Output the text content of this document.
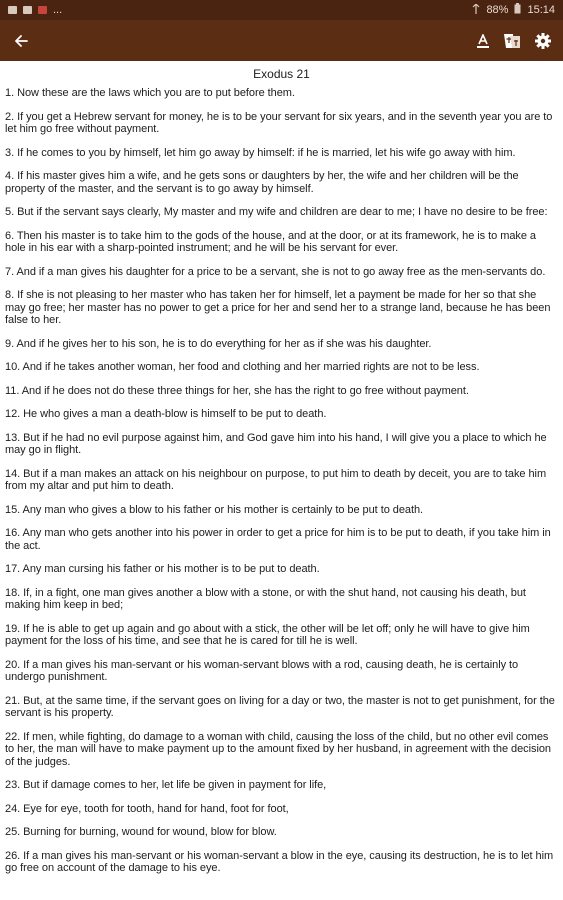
...	88% 15:14
Exodus 21

1. Now these are the laws which you are to put before them.

2. If you get a Hebrew servant for money, he is to be your servant for six years, and in the seventh year you are to let him go free without payment.

3. If he comes to you by himself, let him go away by himself: if he is married, let his wife go away with him.

4. If his master gives him a wife, and he gets sons or daughters by her, the wife and her children will be the property of the master, and the servant is to go away by himself.

5. But if the servant says clearly, My master and my wife and children are dear to me; I have no desire to be free:

6. Then his master is to take him to the gods of the house, and at the door, or at its framework, he is to make a hole in his ear with a sharp-pointed instrument; and he will be his servant for ever.

7. And if a man gives his daughter for a price to be a servant, she is not to go away free as the men-servants do.

8. If she is not pleasing to her master who has taken her for himself, let a payment be made for her so that she may go free; her master has no power to get a price for her and send her to a strange land, because he has been false to her.

9. And if he gives her to his son, he is to do everything for her as if she was his daughter.

10. And if he takes another woman, her food and clothing and her married rights are not to be less.

11. And if he does not do these three things for her, she has the right to go free without payment.

12. He who gives a man a death-blow is himself to be put to death.

13. But if he had no evil purpose against him, and God gave him into his hand, I will give you a place to which he may go in flight.

14. But if a man makes an attack on his neighbour on purpose, to put him to death by deceit, you are to take him from my altar and put him to death.

15. Any man who gives a blow to his father or his mother is certainly to be put to death.

16. Any man who gets another into his power in order to get a price for him is to be put to death, if you take him in the act.

17. Any man cursing his father or his mother is to be put to death.

18. If, in a fight, one man gives another a blow with a stone, or with the shut hand, not causing his death, but making him keep in bed;

19. If he is able to get up again and go about with a stick, the other will be let off; only he will have to give him payment for the loss of his time, and see that he is cared for till he is well.

20. If a man gives his man-servant or his woman-servant blows with a rod, causing death, he is certainly to undergo punishment.

21. But, at the same time, if the servant goes on living for a day or two, the master is not to get punishment, for the servant is his property.

22. If men, while fighting, do damage to a woman with child, causing the loss of the child, but no other evil comes to her, the man will have to make payment up to the amount fixed by her husband, in agreement with the decision of the judges.

23. But if damage comes to her, let life be given in payment for life,

24. Eye for eye, tooth for tooth, hand for hand, foot for foot,

25. Burning for burning, wound for wound, blow for blow.

26. If a man gives his man-servant or his woman-servant a blow in the eye, causing its destruction, he is to let him go free on account of the damage to his eye.
